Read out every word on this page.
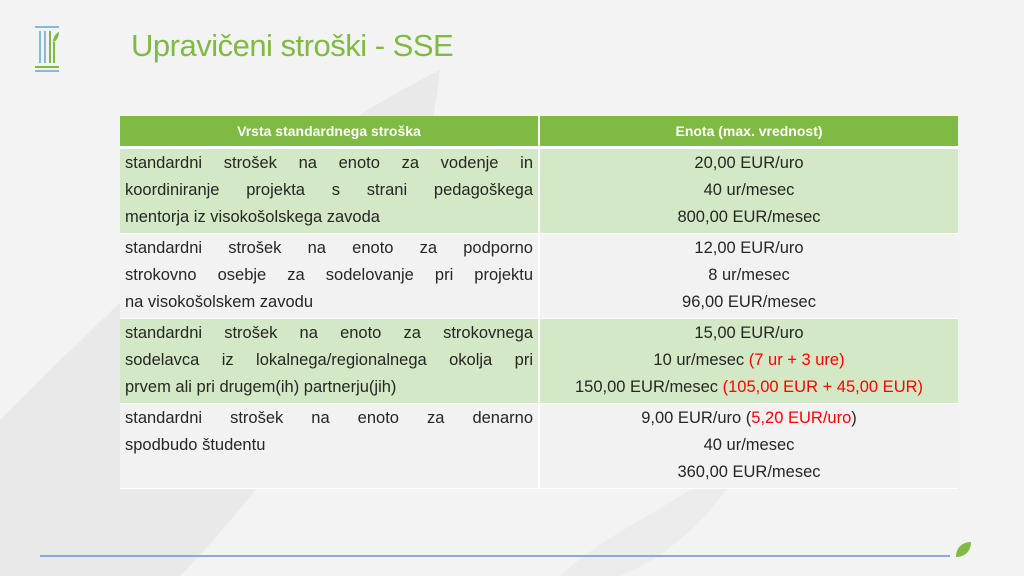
Upravičeni stroški - SSE
Vrsta standardnega stroška	Enota (max. vrednost)

standardni strošek na enoto za vodenje in
koordiniranje projekta s strani pedagoškega
mentorja iz visokošolskega zavoda	20,00 EUR/uro
40 ur/mesec
800,00 EUR/mesec

standardni strošek na enoto za podporno
strokovno osebje za sodelovanje pri projektu
na visokošolskem zavodu	12,00 EUR/uro
8 ur/mesec
96,00 EUR/mesec

standardni strošek na enoto za strokovnega
sodelavca iz lokalnega/regionalnega okolja pri
prvem ali pri drugem(ih) partnerju(jih)	15,00 EUR/uro
10 ur/mesec (7 ur + 3 ure)
150,00 EUR/mesec (105,00 EUR + 45,00 EUR)

standardni strošek na enoto za denarno
spodbudo študentu	9,00 EUR/uro (5,20 EUR/uro)
40 ur/mesec
360,00 EUR/mesec
